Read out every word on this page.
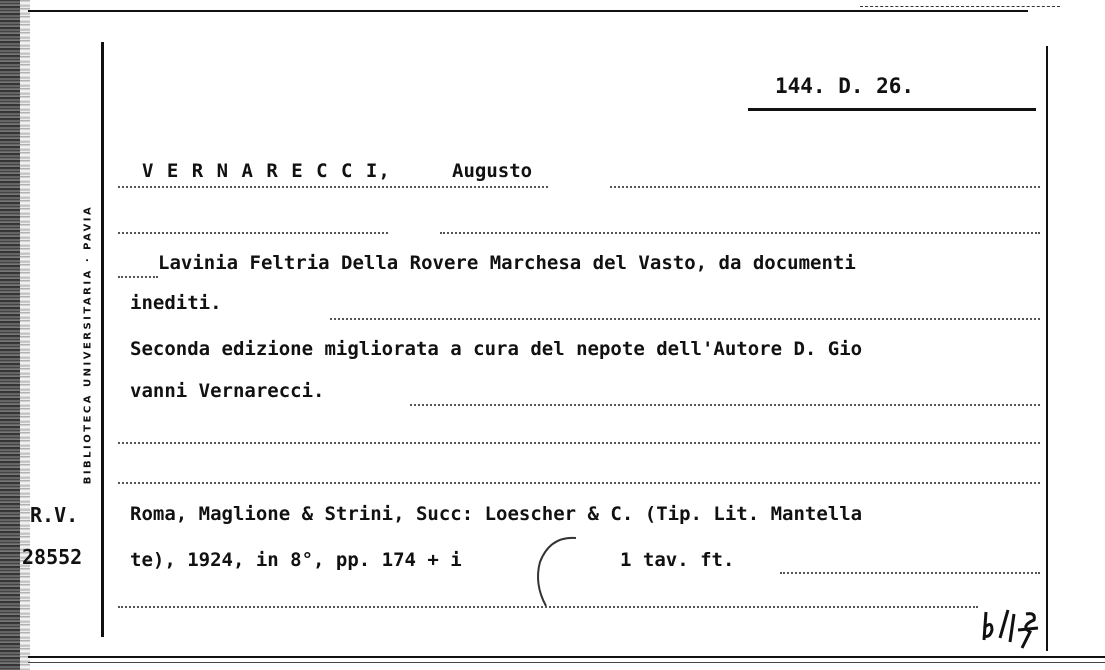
BIBLIOTECA UNIVERSITARIA · PAVIA
144. D. 26.
V E R N A R E C C I,	Augusto
Lavinia Feltria Della Rovere Marchesa del Vasto, da documenti
inediti.
Seconda edizione migliorata a cura del nepote dell'Autore D. Gio
vanni Vernarecci.
Roma, Maglione & Strini, Succ: Loescher & C. (Tip. Lit. Mantella
te), 1924, in 8°, pp. 174 + i	1 tav. ft.
R.V.
28552
